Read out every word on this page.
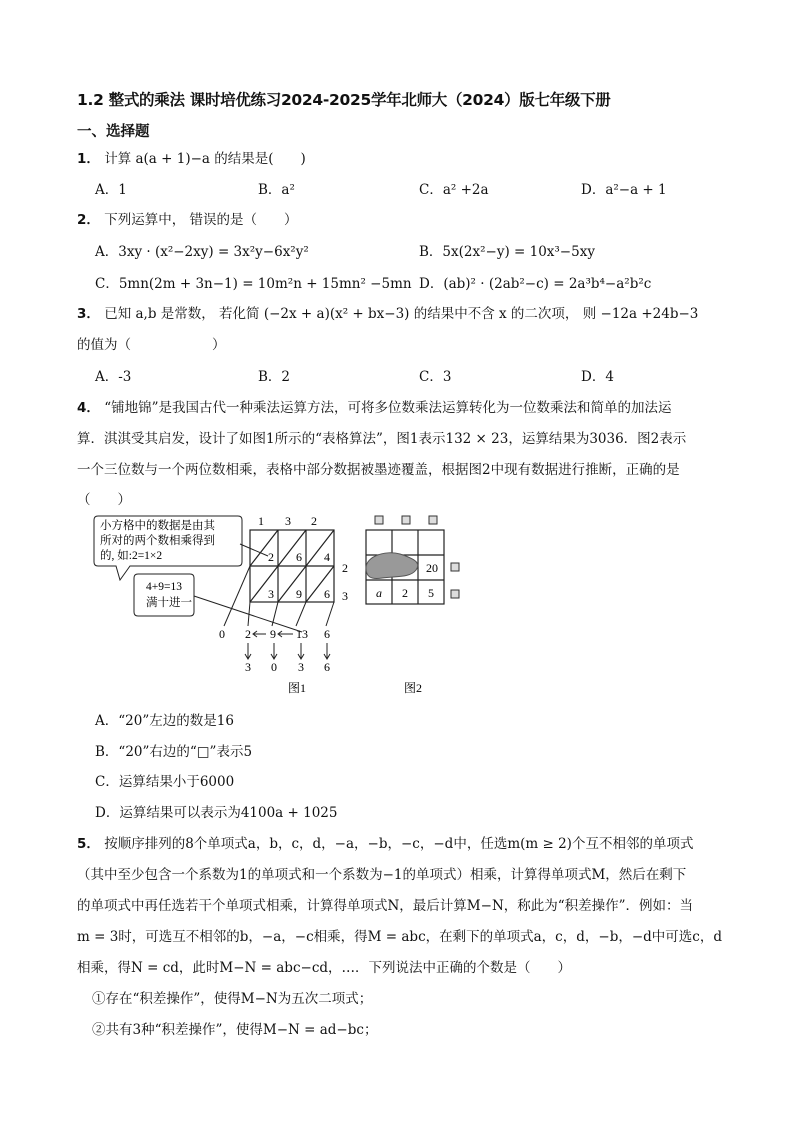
1.2 整式的乘法 课时培优练习2024-2025学年北师大（2024）版七年级下册
一、选择题
1． 计算 a(a + 1)−a 的结果是(　　)
A．1	B．a²	C．a² +2a	D．a²−a + 1
2． 下列运算中， 错误的是（　　）
A．3xy · (x²−2xy) = 3x²y−6x²y²	B．5x(2x²−y) = 10x³−5xy
C．5mn(2m + 3n−1) = 10m²n + 15mn² −5mn D．(ab)² · (2ab²−c) = 2a³b⁴−a²b²c
3． 已知 a,b 是常数， 若化简 (−2x + a)(x² + bx−3) 的结果中不含 x 的二次项， 则 −12a +24b−3
的值为（　　　　　　）
A．-3	B．2	C．3	D．4
4． “铺地锦”是我国古代一种乘法运算方法，可将多位数乘法运算转化为一位数乘法和简单的加法运
算．淇淇受其启发，设计了如图1所示的“表格算法”，图1表示132 × 23，运算结果为3036．图2表示
一个三位数与一个两位数相乘，表格中部分数据被墨迹覆盖，根据图2中现有数据进行推断，正确的是
（　　）
小方格中的数据是由其
所对的两个数相乘得到
的, 如:2=1×2
4+9=13
满十进一
1 3 2
2 6 4
3 9 6
2
3
0 2 9 13 6
3 0 3 6
图1
20
a 2 5
图2
A．“20”左边的数是16
B．“20”右边的“□”表示5
C．运算结果小于6000
D．运算结果可以表示为4100a + 1025
5． 按顺序排列的8个单项式a，b，c，d，−a，−b，−c，−d中，任选m(m ≥ 2)个互不相邻的单项式
（其中至少包含一个系数为1的单项式和一个系数为−1的单项式）相乘，计算得单项式M，然后在剩下
的单项式中再任选若干个单项式相乘，计算得单项式N，最后计算M−N，称此为“积差操作”．例如：当
m = 3时，可选互不相邻的b，−a，−c相乘，得M = abc，在剩下的单项式a，c，d，−b，−d中可选c，d
相乘，得N = cd，此时M−N = abc−cd，…．下列说法中正确的个数是（　　）
①存在“积差操作”，使得M−N为五次二项式；
②共有3种“积差操作”，使得M−N = ad−bc；
